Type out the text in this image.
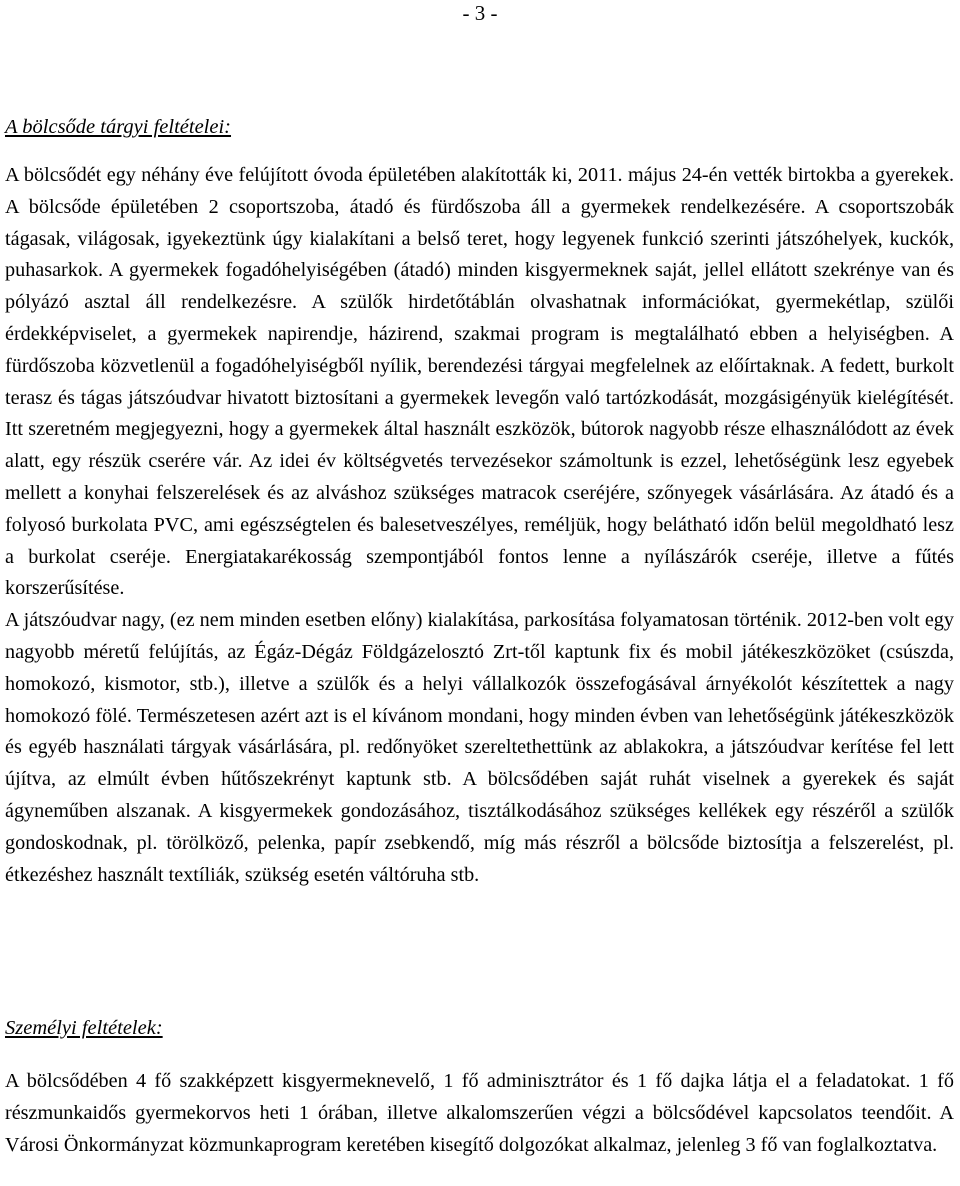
- 3 -
A bölcsőde tárgyi feltételei:
A bölcsődét egy néhány éve felújított óvoda épületében alakították ki, 2011. május 24-én vették birtokba a gyerekek. A bölcsőde épületében 2 csoportszoba, átadó és fürdőszoba áll a gyermekek rendelkezésére. A csoportszobák tágasak, világosak, igyekeztünk úgy kialakítani a belső teret, hogy legyenek funkció szerinti játszóhelyek, kuckók, puhasarkok. A gyermekek fogadóhelyiségében (átadó) minden kisgyermeknek saját, jellel ellátott szekrénye van és pólyázó asztal áll rendelkezésre. A szülők hirdetőtáblán olvashatnak információkat, gyermekétlap, szülői érdekképviselet, a gyermekek napirendje, házirend, szakmai program is megtalálható ebben a helyiségben. A fürdőszoba közvetlenül a fogadóhelyiségből nyílik, berendezési tárgyai megfelelnek az előírtaknak. A fedett, burkolt terasz és tágas játszóudvar hivatott biztosítani a gyermekek levegőn való tartózkodását, mozgásigényük kielégítését. Itt szeretném megjegyezni, hogy a gyermekek által használt eszközök, bútorok nagyobb része elhasználódott az évek alatt, egy részük cserére vár. Az idei év költségvetés tervezésekor számoltunk is ezzel, lehetőségünk lesz egyebek mellett a konyhai felszerelések és az alváshoz szükséges matracok cseréjére, szőnyegek vásárlására. Az átadó és a folyosó burkolata PVC, ami egészségtelen és balesetveszélyes, reméljük, hogy belátható időn belül megoldható lesz a burkolat cseréje. Energiatakarékosság szempontjából fontos lenne a nyílászárók cseréje, illetve a fűtés korszerűsítése.
A játszóudvar nagy, (ez nem minden esetben előny) kialakítása, parkosítása folyamatosan történik. 2012-ben volt egy nagyobb méretű felújítás, az Égáz-Dégáz Földgázelosztó Zrt-től kaptunk fix és mobil játékeszközöket (csúszda, homokozó, kismotor, stb.), illetve a szülők és a helyi vállalkozók összefogásával árnyékolót készítettek a nagy homokozó fölé. Természetesen azért azt is el kívánom mondani, hogy minden évben van lehetőségünk játékeszközök és egyéb használati tárgyak vásárlására, pl. redőnyöket szereltethettünk az ablakokra, a játszóudvar kerítése fel lett újítva, az elmúlt évben hűtőszekrényt kaptunk stb. A bölcsődében saját ruhát viselnek a gyerekek és saját ágyneműben alszanak. A kisgyermekek gondozásához, tisztálkodásához szükséges kellékek egy részéről a szülők gondoskodnak, pl. törölköző, pelenka, papír zsebkendő, míg más részről a bölcsőde biztosítja a felszerelést, pl. étkezéshez használt textíliák, szükség esetén váltóruha stb.
Személyi feltételek:

A bölcsődében 4 fő szakképzett kisgyermeknevelő, 1 fő adminisztrátor és 1 fő dajka látja el a feladatokat. 1 fő részmunkaidős gyermekorvos heti 1 órában, illetve alkalomszerűen végzi a bölcsődével kapcsolatos teendőit. A Városi Önkormányzat közmunkaprogram keretében kisegítő dolgozókat alkalmaz, jelenleg 3 fő van foglalkoztatva.
